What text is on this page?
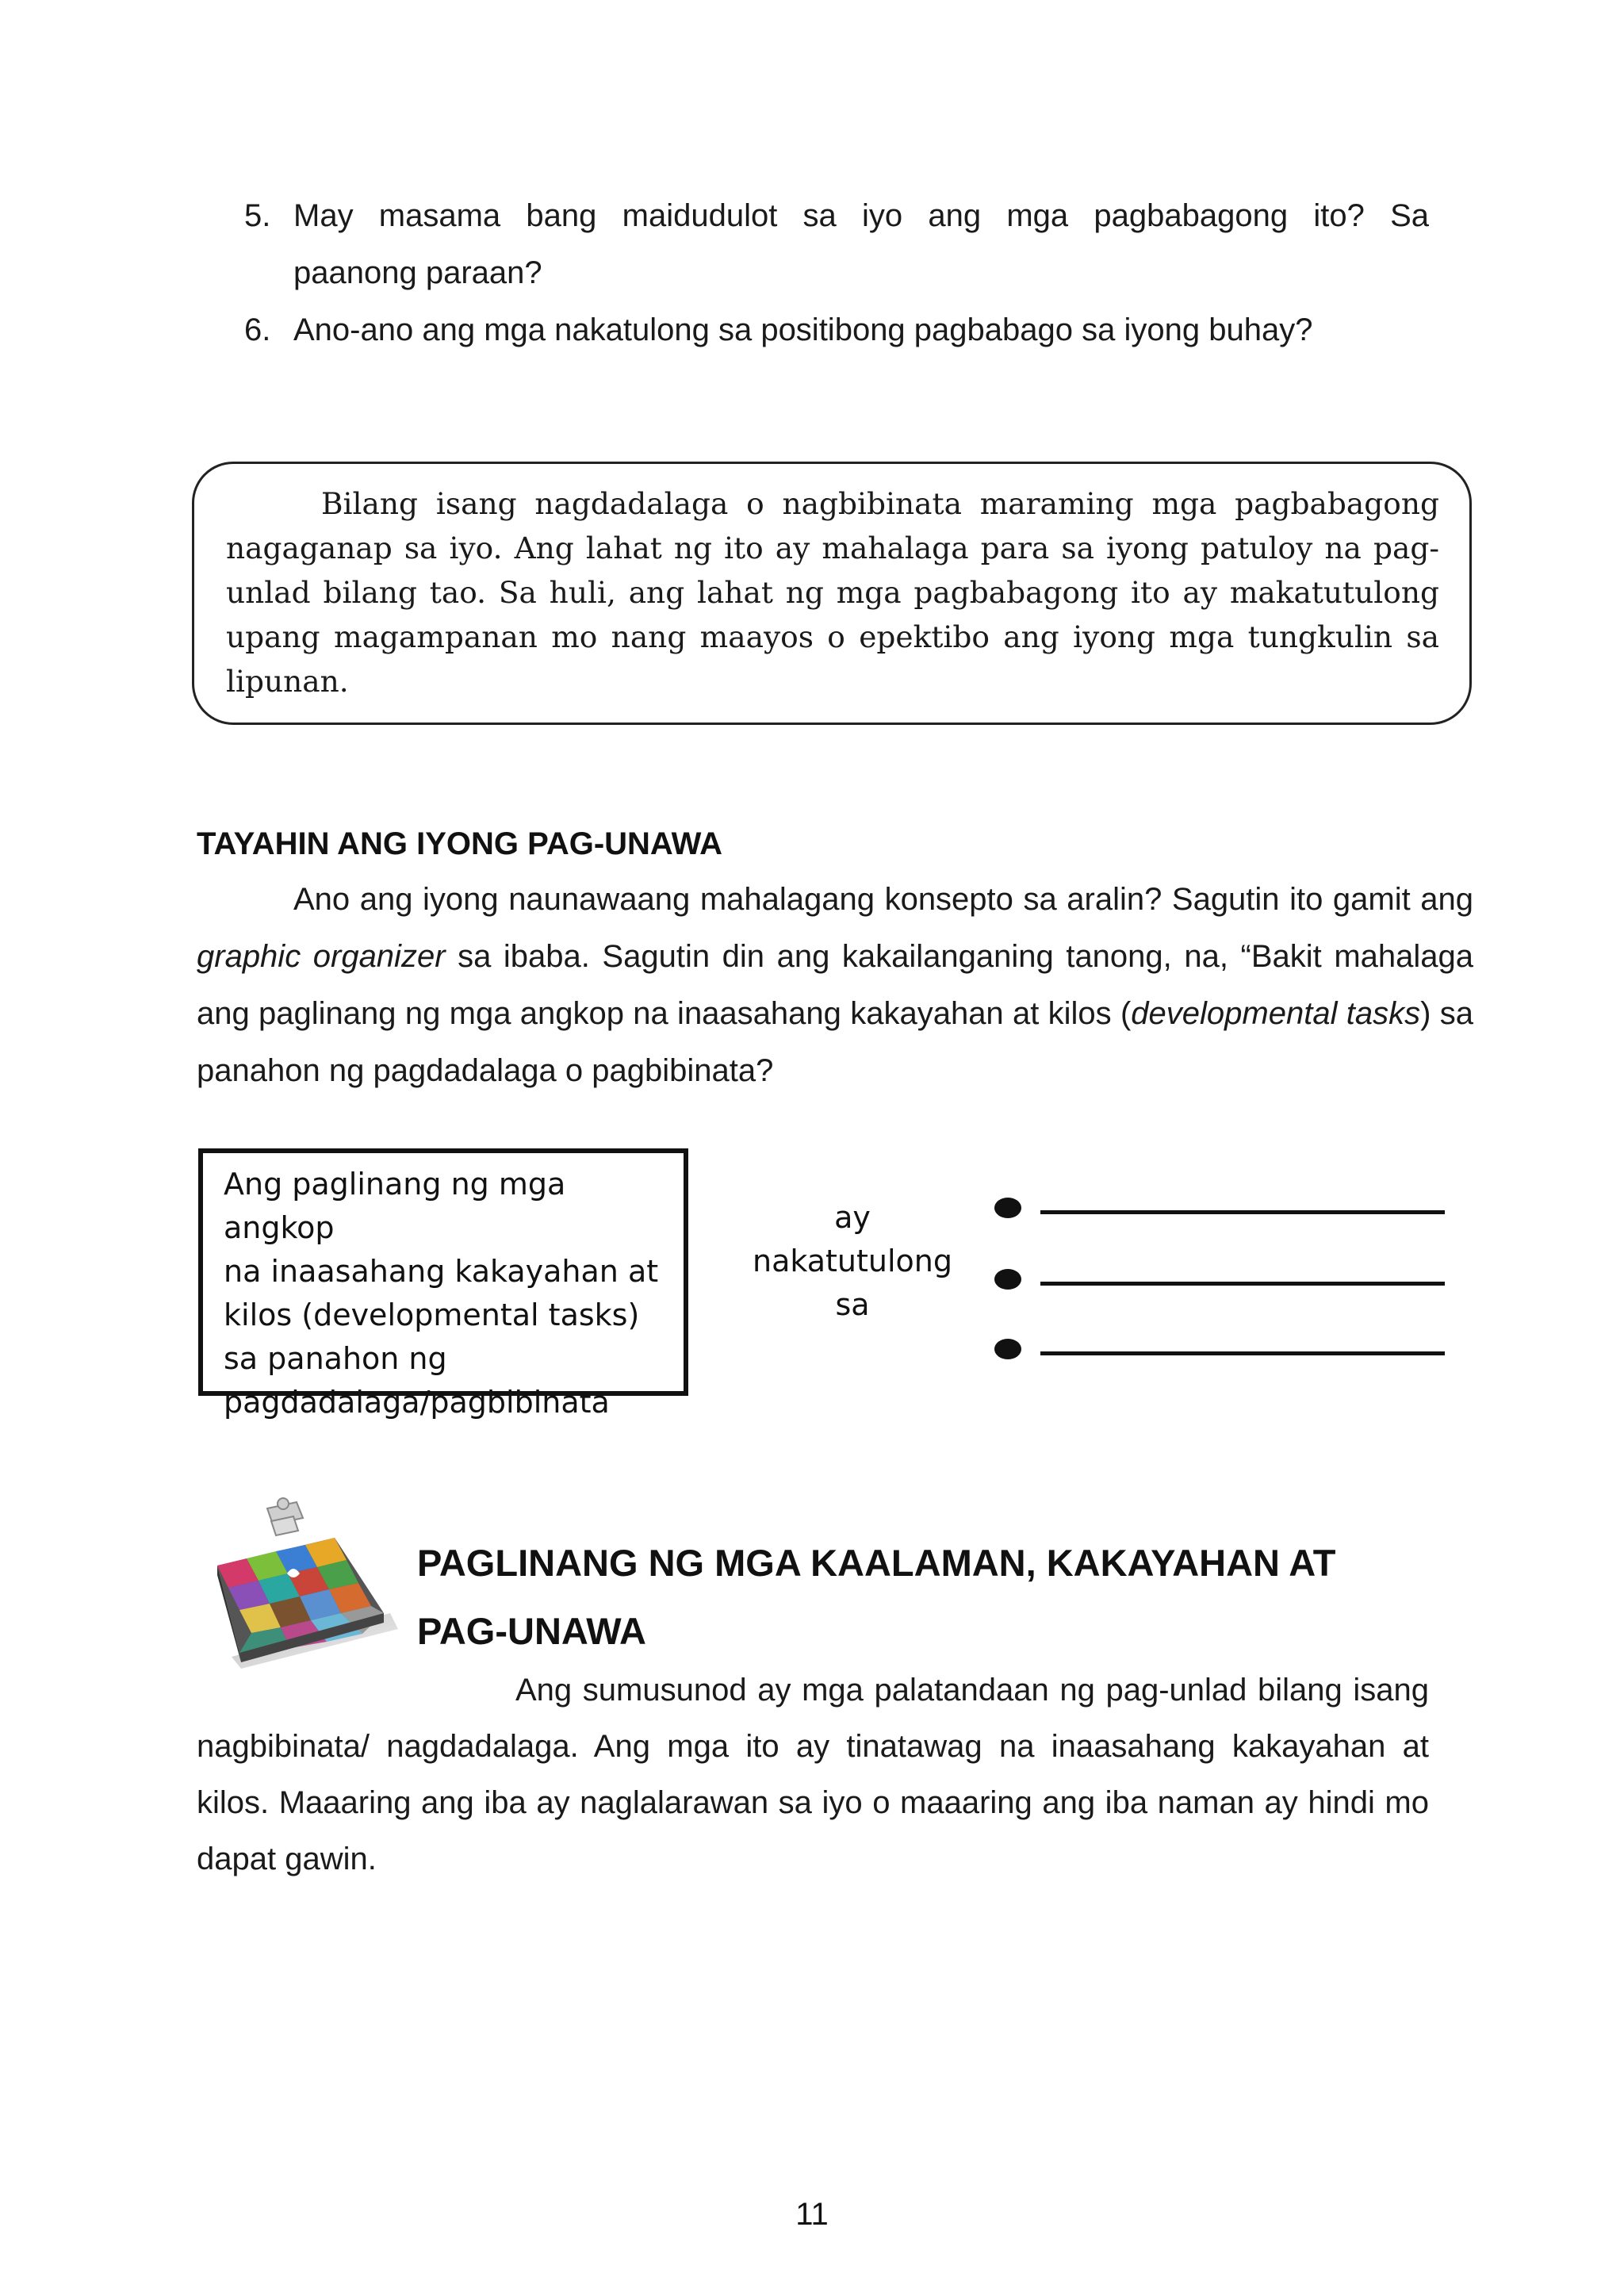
5. May masama bang maidudulot sa iyo ang mga pagbabagong ito? Sa
paanong paraan?
6. Ano-ano ang mga nakatulong sa positibong pagbabago sa iyong buhay?

Bilang isang nagdadalaga o nagbibinata maraming mga pagbabagong nagaganap sa iyo. Ang lahat ng ito ay mahalaga para sa iyong patuloy na pag-unlad bilang tao. Sa huli, ang lahat ng mga pagbabagong ito ay makatutulong upang magampanan mo nang maayos o epektibo ang iyong mga tungkulin sa lipunan.

TAYAHIN ANG IYONG PAG-UNAWA

Ano ang iyong naunawaang mahalagang konsepto sa aralin? Sagutin ito gamit ang graphic organizer sa ibaba. Sagutin din ang kakailanganing tanong, na, “Bakit mahalaga ang paglinang ng mga angkop na inaasahang kakayahan at kilos (developmental tasks) sa panahon ng pagdadalaga o pagbibinata?

Ang paglinang ng mga angkop
na inaasahang kakayahan at
kilos (developmental tasks)
sa panahon ng
pagdadalaga/pagbibinata
ay
nakatutulong
sa
PAGLINANG NG MGA KAALAMAN, KAKAYAHAN AT
PAG-UNAWA

Ang sumusunod ay mga palatandaan ng pag-unlad bilang isang nagbibinata/ nagdadalaga. Ang mga ito ay tinatawag na inaasahang kakayahan at kilos. Maaaring ang iba ay naglalarawan sa iyo o maaaring ang iba naman ay hindi mo dapat gawin.

11
